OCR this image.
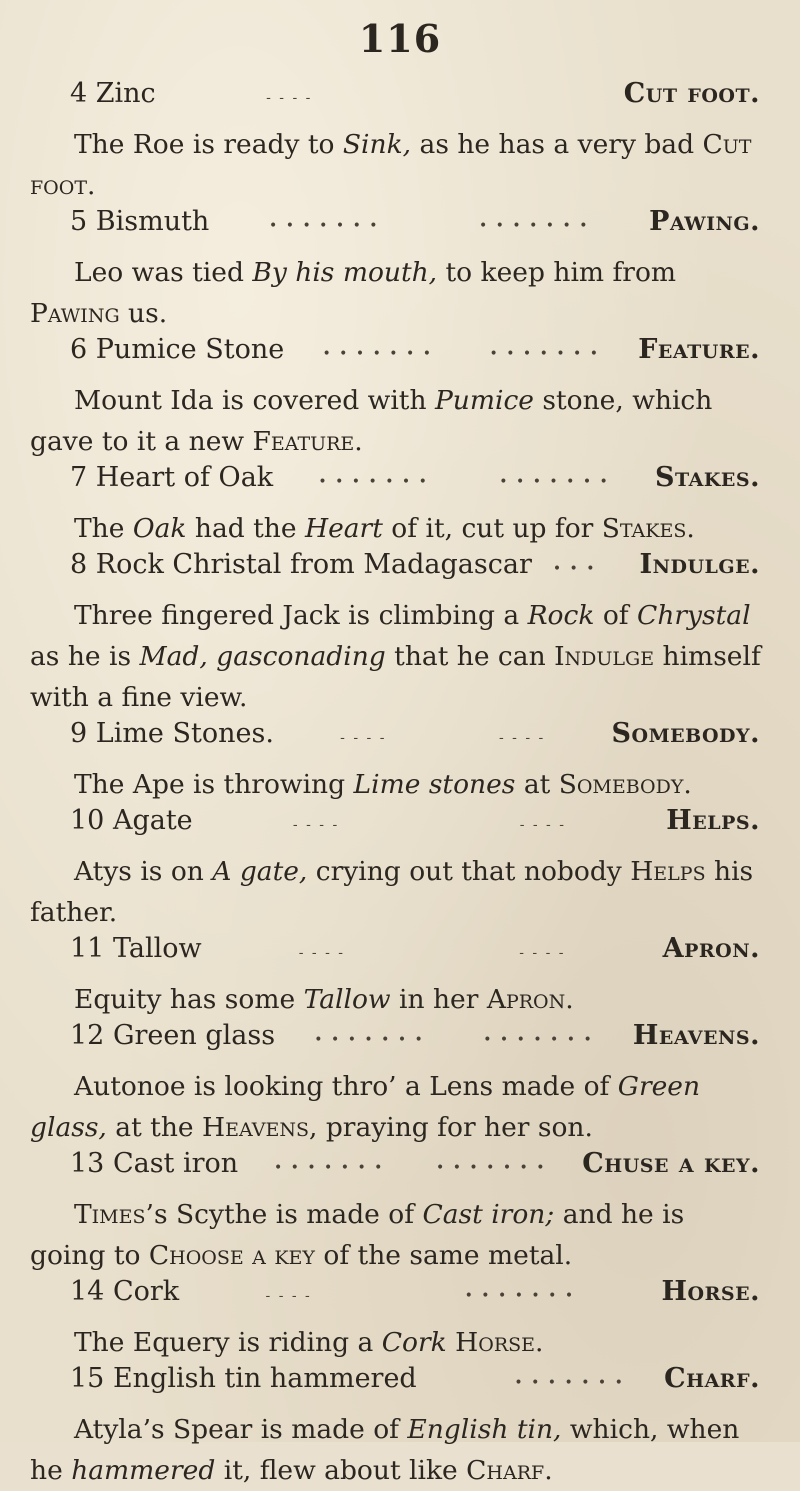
116
4 Zinc	- - - -	Cut foot.
The Roe is ready to Sink, as he has a very bad Cut foot.
5 Bismuth	• • • • • • •	• • • • • • • Pawing.
Leo was tied By his mouth, to keep him from Pawing us.
6 Pumice Stone	• • • • • • •	• • • • • • • Feature.
Mount Ida is covered with Pumice stone, which gave to it a new Feature.
7 Heart of Oak	• • • • • • •	• • • • • • • Stakes.
The Oak had the Heart of it, cut up for Stakes.
8 Rock Christal from Madagascar • • • Indulge.
Three fingered Jack is climbing a Rock of Chrystal as he is Mad, gasconading that he can Indulge himself with a fine view.
9 Lime Stones.	- - - -	- - - - Somebody.
The Ape is throwing Lime stones at Somebody.
10 Agate	- - - -	- - - -	Helps.
Atys is on A gate, crying out that nobody Helps his father.
11 Tallow	- - - -	- - - -	Apron.
Equity has some Tallow in her Apron.
12 Green glass	• • • • • • •	• • • • • • • Heavens.
Autonoe is looking thro’ a Lens made of Green glass, at the Heavens, praying for her son.
13 Cast iron	• • • • • • •	• • • • • • • Chuse a key.
Times’s Scythe is made of Cast iron; and he is going to Choose a key of the same metal.
14 Cork	- - - -	• • • • • • •	Horse.
The Equery is riding a Cork Horse.
15 English tin hammered	• • • • • • • Charf.
Atyla’s Spear is made of English tin, which, when he hammered it, flew about like Charf.
